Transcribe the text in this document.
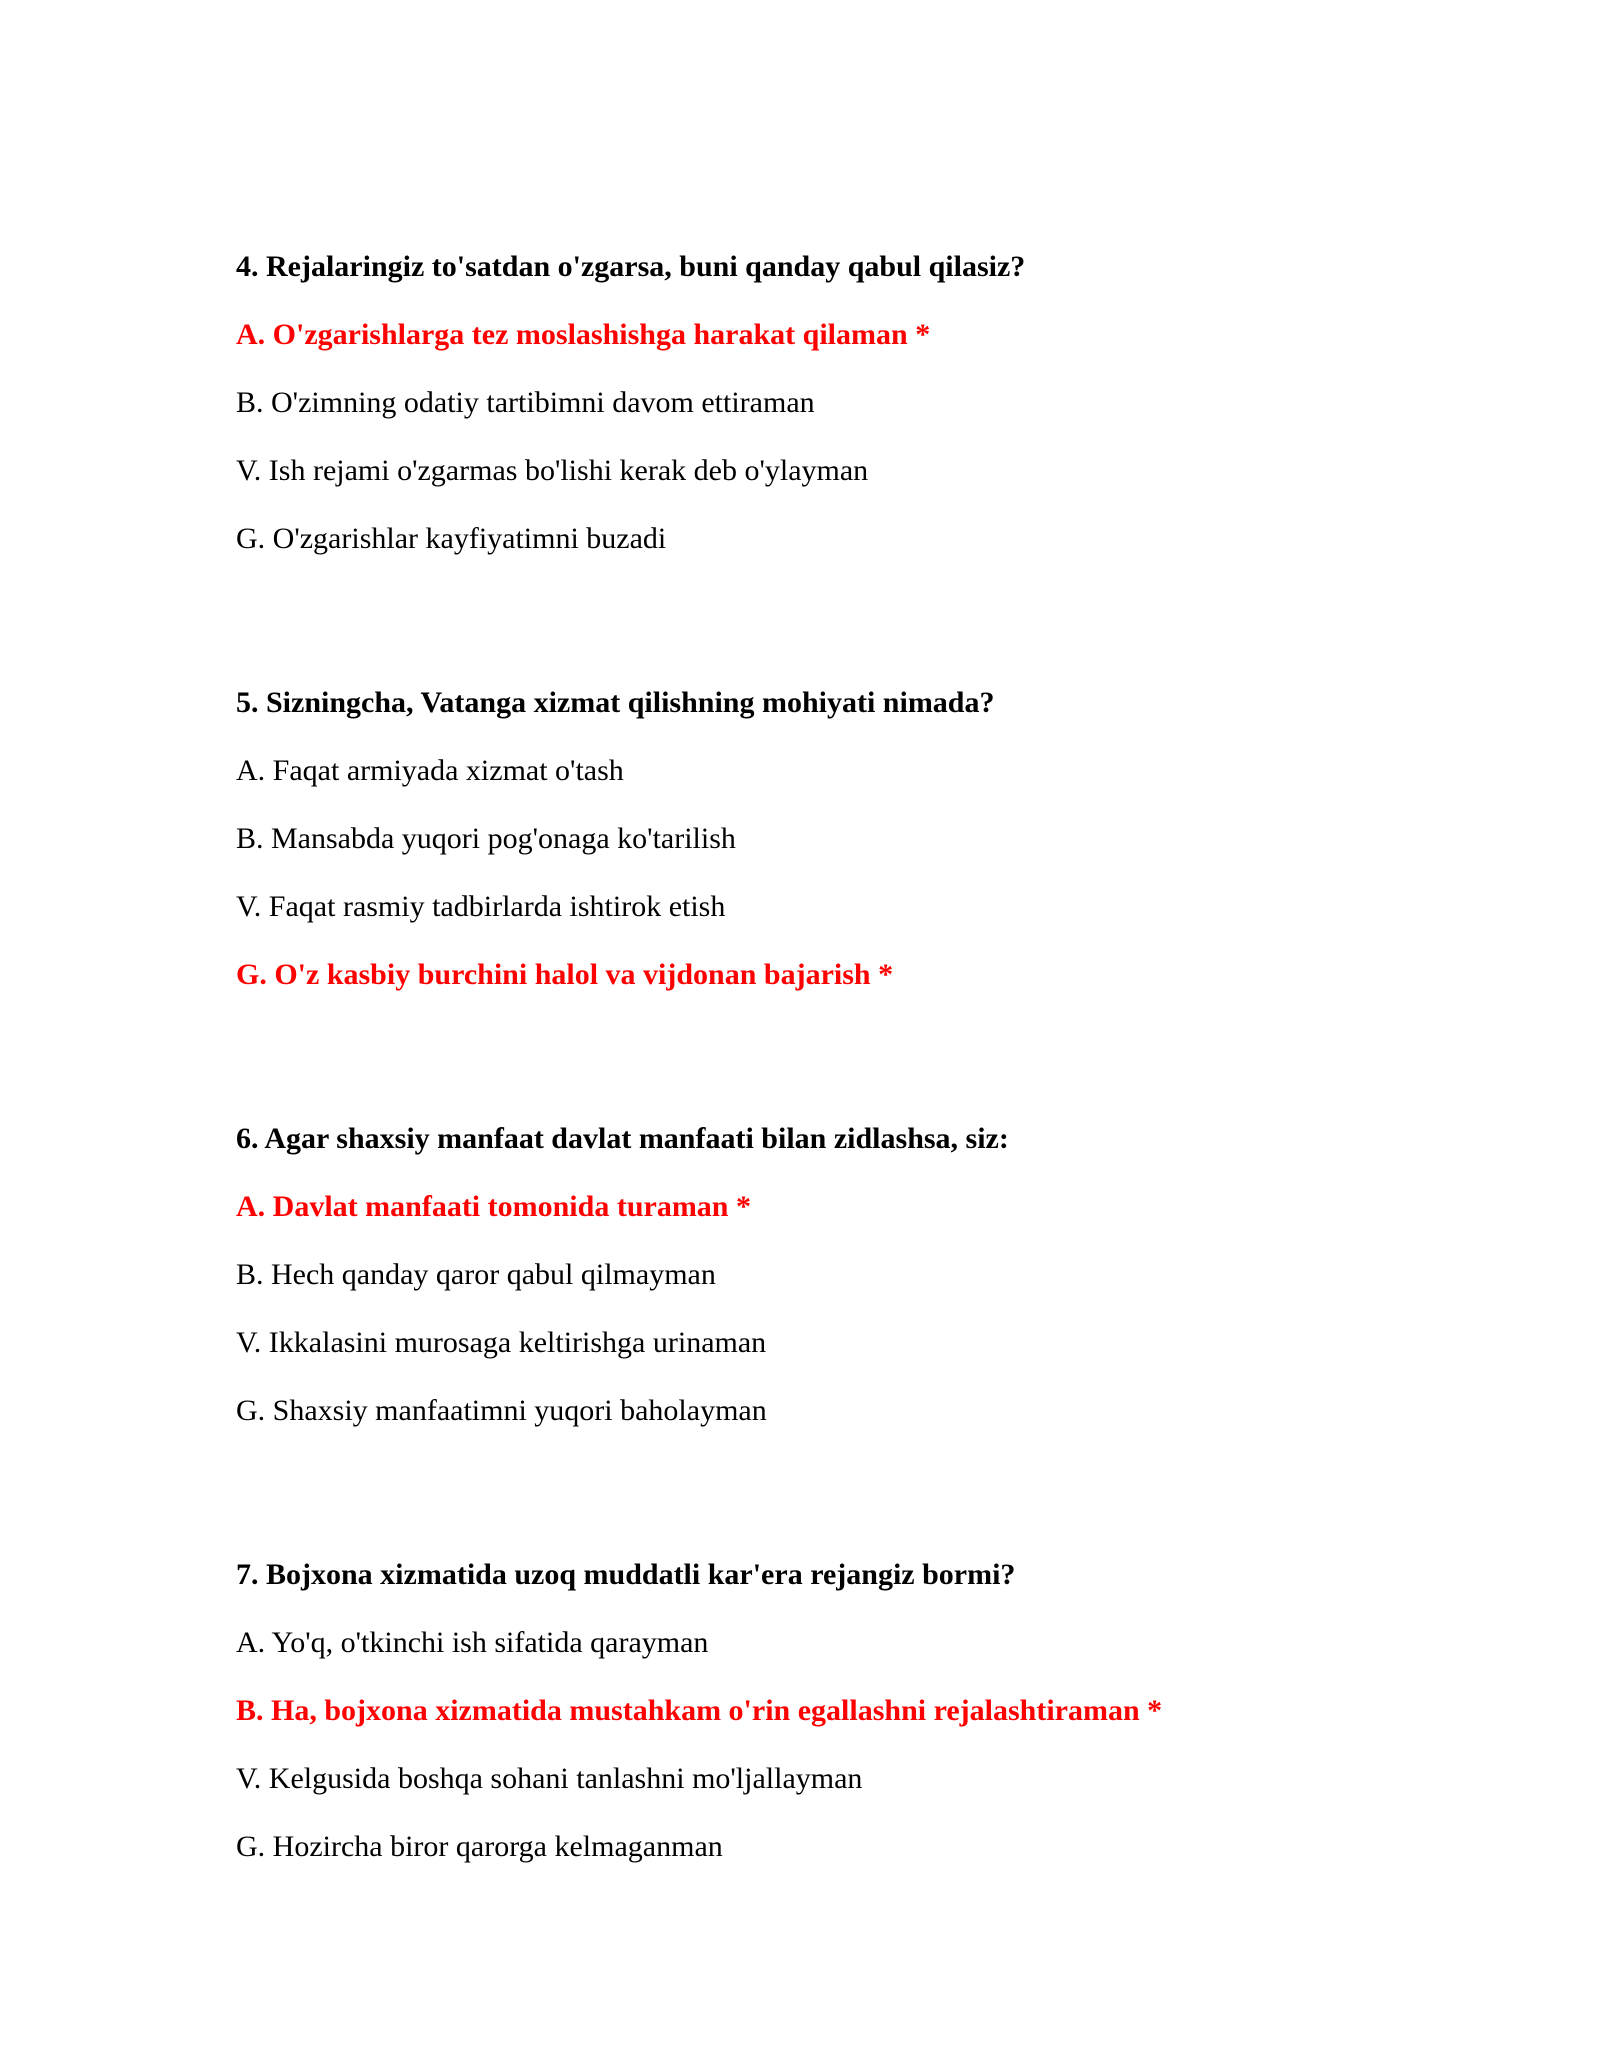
4. Rejalaringiz to'satdan o'zgarsa, buni qanday qabul qilasiz?
A. O'zgarishlarga tez moslashishga harakat qilaman *
B. O'zimning odatiy tartibimni davom ettiraman
V. Ish rejami o'zgarmas bo'lishi kerak deb o'ylayman
G. O'zgarishlar kayfiyatimni buzadi
5. Sizningcha, Vatanga xizmat qilishning mohiyati nimada?
A. Faqat armiyada xizmat o'tash
B. Mansabda yuqori pog'onaga ko'tarilish
V. Faqat rasmiy tadbirlarda ishtirok etish
G. O'z kasbiy burchini halol va vijdonan bajarish *
6. Agar shaxsiy manfaat davlat manfaati bilan zidlashsa, siz:
A. Davlat manfaati tomonida turaman *
B. Hech qanday qaror qabul qilmayman
V. Ikkalasini murosaga keltirishga urinaman
G. Shaxsiy manfaatimni yuqori baholayman
7. Bojxona xizmatida uzoq muddatli kar'era rejangiz bormi?
A. Yo'q, o'tkinchi ish sifatida qarayman
B. Ha, bojxona xizmatida mustahkam o'rin egallashni rejalashtiraman *
V. Kelgusida boshqa sohani tanlashni mo'ljallayman
G. Hozircha biror qarorga kelmaganman
